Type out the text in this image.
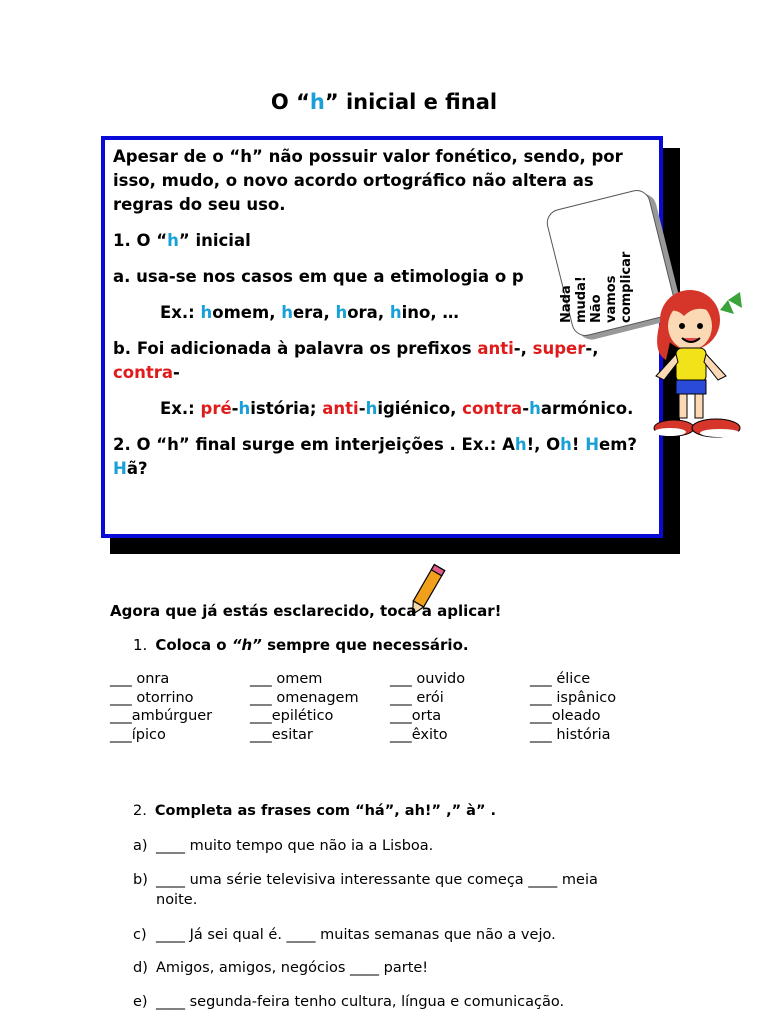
O “h” inicial e final

Apesar de o “h” não possuir valor fonético, sendo, por isso, mudo, o novo acordo ortográfico não altera as regras do seu uso.

1. O “h” inicial

a. usa-se nos casos em que a etimologia o p

Ex.: homem, hera, hora, hino, …

b. Foi adicionada à palavra os prefixos anti-, super-, contra-

Ex.: pré-história; anti-higiénico, contra-harmónico.

2. O “h” final surge em interjeições . Ex.: Ah!, Oh! Hem? Hã?

Nada muda! Não vamos complicar
Agora que já estás esclarecido, toca a aplicar!
1. Coloca o “h” sempre que necessário.
___ onra	___ omem	___ ouvido	___ élice
___ otorrino	___ omenagem	___ erói	___ ispânico
___ambúrguer	___epilético	___orta	___oleado
___ípico	___esitar	___êxito	___ história
2. Completa as frases com “há”, ah!” ,” à” .
a) ____ muito tempo que não ia a Lisboa.
b) ____ uma série televisiva interessante que começa ____ meia
noite.
c) ____ Já sei qual é. ____ muitas semanas que não a vejo.
d) Amigos, amigos, negócios ____ parte!
e) ____ segunda-feira tenho cultura, língua e comunicação.
